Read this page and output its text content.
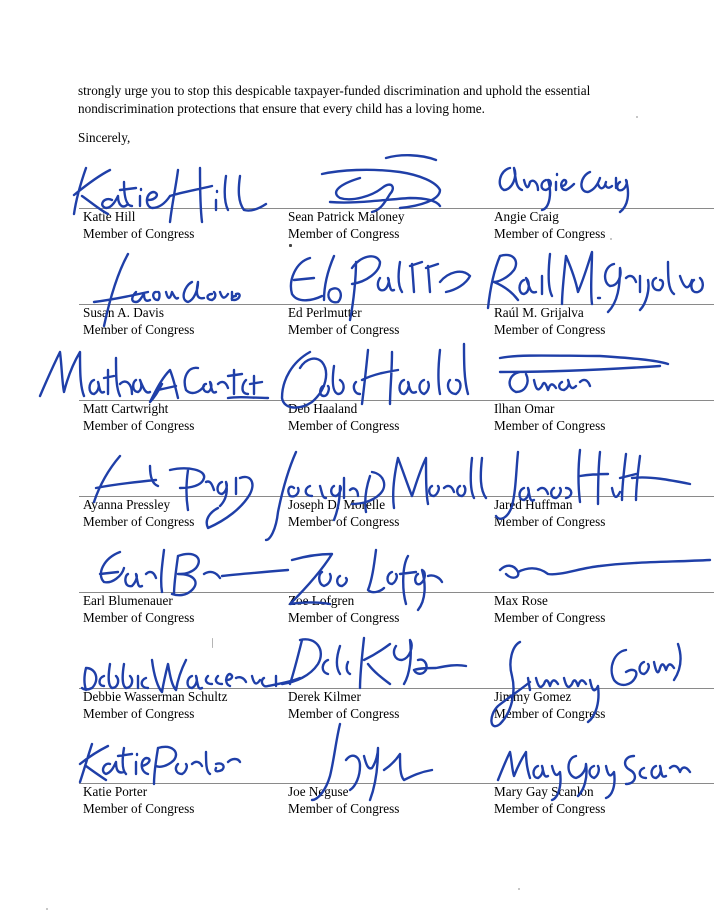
strongly urge you to stop this despicable taxpayer-funded discrimination and uphold the essential nondiscrimination protections that ensure that every child has a loving home.

Sincerely,

Katie Hill
Member of Congress
Sean Patrick Maloney
Member of Congress
Angie Craig
Member of Congress
Susan A. Davis
Member of Congress
Ed Perlmutter
Member of Congress
Raúl M. Grijalva
Member of Congress
Matt Cartwright
Member of Congress
Deb Haaland
Member of Congress
Ilhan Omar
Member of Congress
Ayanna Pressley
Member of Congress
Joseph D. Morelle
Member of Congress
Jared Huffman
Member of Congress
Earl Blumenauer
Member of Congress
Zoe Lofgren
Member of Congress
Max Rose
Member of Congress
Debbie Wasserman Schultz
Member of Congress
Derek Kilmer
Member of Congress
Jimmy Gomez
Member of Congress
Katie Porter
Member of Congress
Joe Neguse
Member of Congress
Mary Gay Scanlon
Member of Congress
